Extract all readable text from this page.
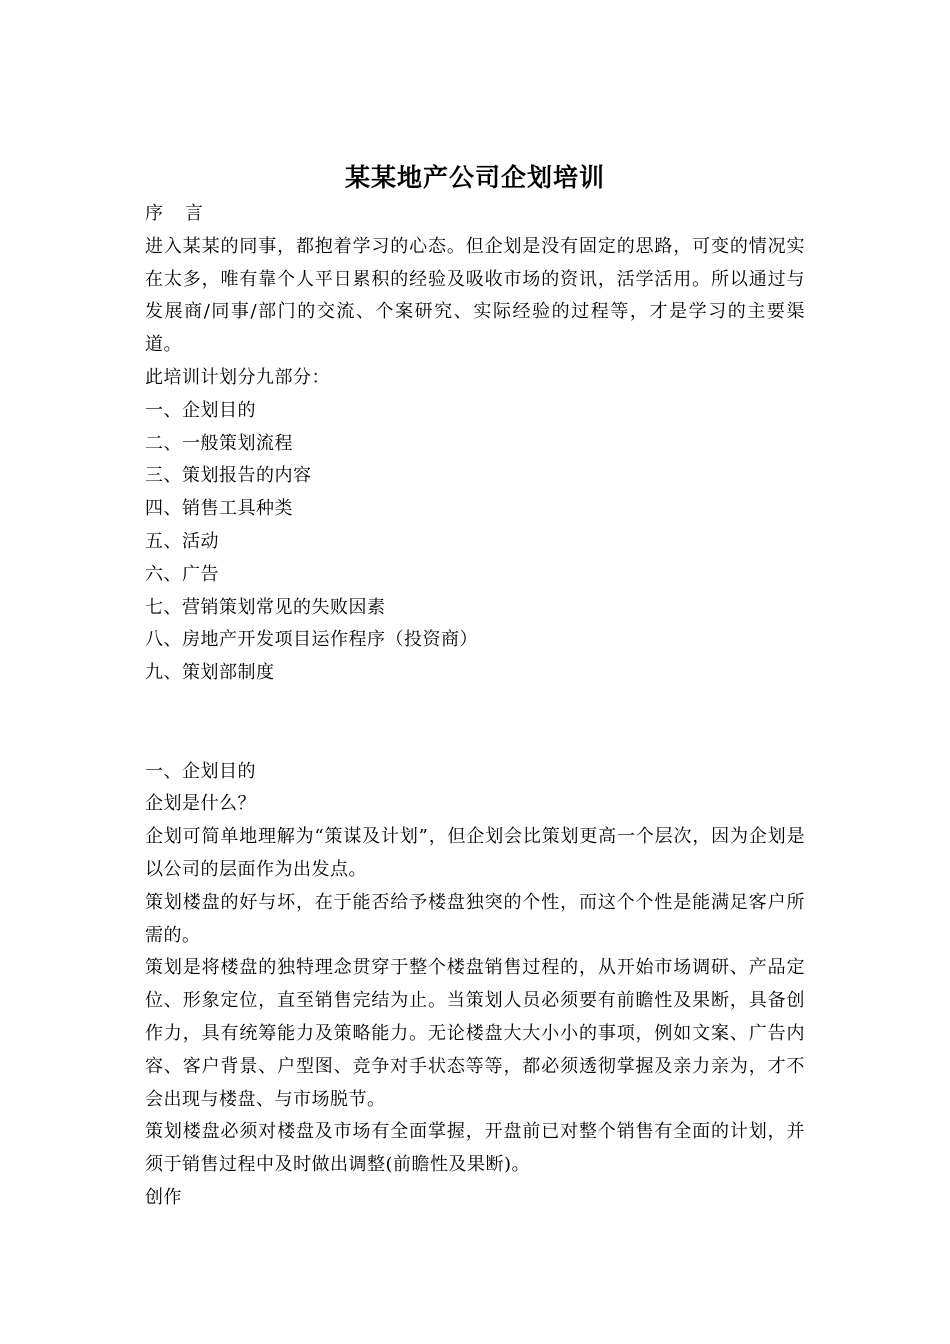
某某地产公司企划培训
序 言
进入某某的同事，都抱着学习的心态。但企划是没有固定的思路，可变的情况实在太多，唯有靠个人平日累积的经验及吸收市场的资讯，活学活用。所以通过与发展商/同事/部门的交流、个案研究、实际经验的过程等，才是学习的主要渠道。
此培训计划分九部分：
一、企划目的
二、一般策划流程
三、策划报告的内容
四、销售工具种类
五、活动
六、广告
七、营销策划常见的失败因素
八、房地产开发项目运作程序（投资商）
九、策划部制度
一、企划目的
企划是什么？
企划可简单地理解为“策谋及计划”，但企划会比策划更高一个层次，因为企划是以公司的层面作为出发点。
策划楼盘的好与坏，在于能否给予楼盘独突的个性，而这个个性是能满足客户所需的。
策划是将楼盘的独特理念贯穿于整个楼盘销售过程的，从开始市场调研、产品定位、形象定位，直至销售完结为止。当策划人员必须要有前瞻性及果断，具备创作力，具有统筹能力及策略能力。无论楼盘大大小小的事项，例如文案、广告内容、客户背景、户型图、竞争对手状态等等，都必须透彻掌握及亲力亲为，才不会出现与楼盘、与市场脱节。
策划楼盘必须对楼盘及市场有全面掌握，开盘前已对整个销售有全面的计划，并须于销售过程中及时做出调整(前瞻性及果断)。
创作
